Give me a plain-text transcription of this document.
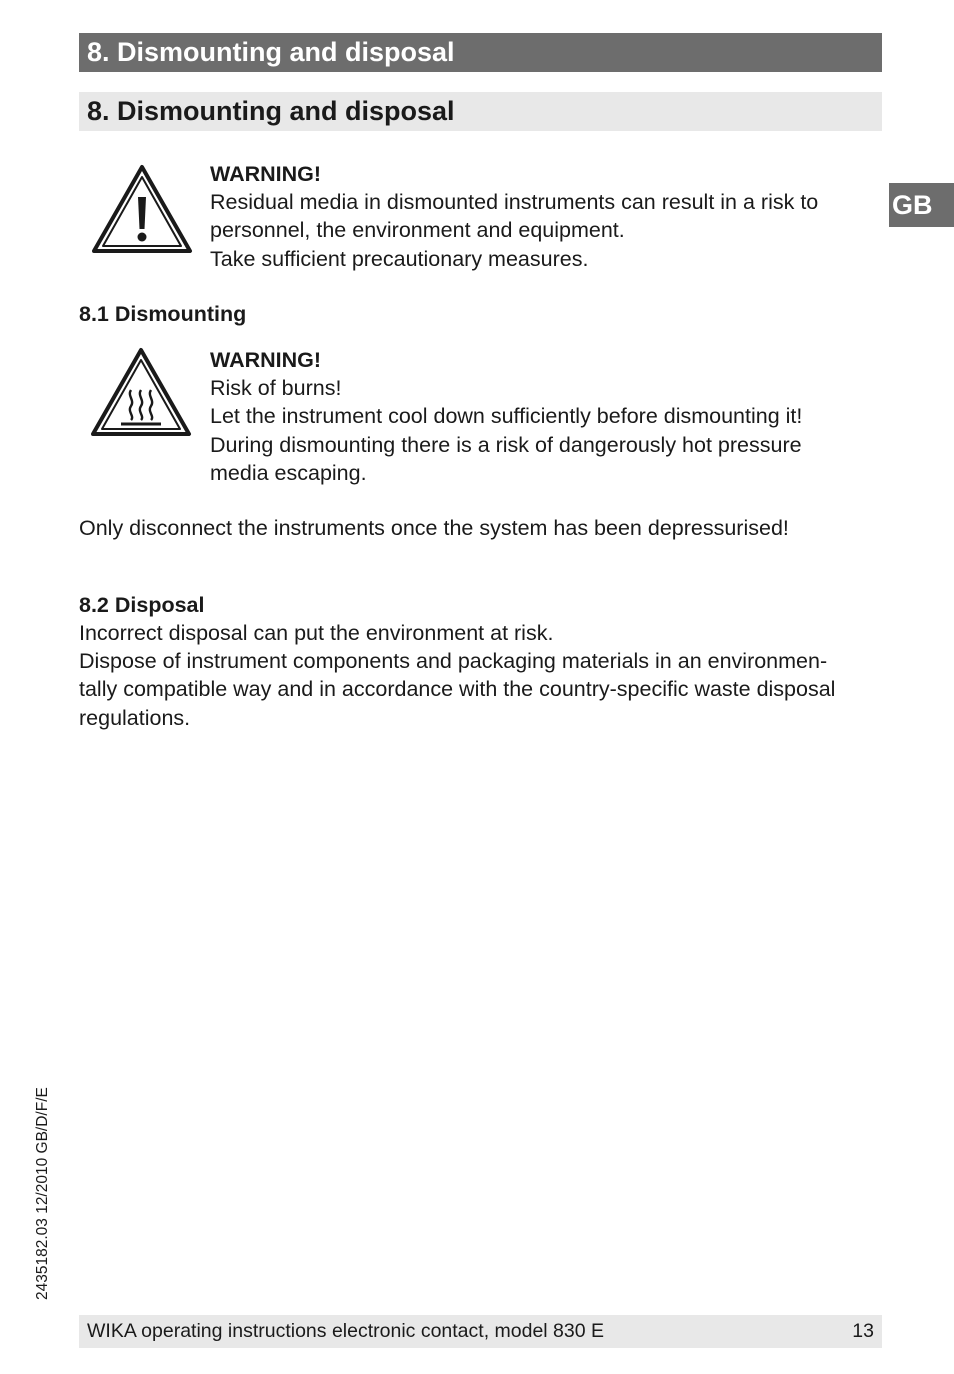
8. Dismounting and disposal
8. Dismounting and disposal
GB
WARNING!
Residual media in dismounted instruments can result in a risk to
personnel, the environment and equipment.
Take sufficient precautionary measures.
8.1 Dismounting
WARNING!
Risk of burns!
Let the instrument cool down sufficiently before dismounting it!
During dismounting there is a risk of dangerously hot pressure
media escaping.
Only disconnect the instruments once the system has been depressurised!
8.2 Disposal
Incorrect disposal can put the environment at risk.
Dispose of instrument components and packaging materials in an environmen-
tally compatible way and in accordance with the country-specific waste disposal
regulations.
2435182.03 12/2010 GB/D/F/E
WIKA operating instructions electronic contact, model 830 E	13
